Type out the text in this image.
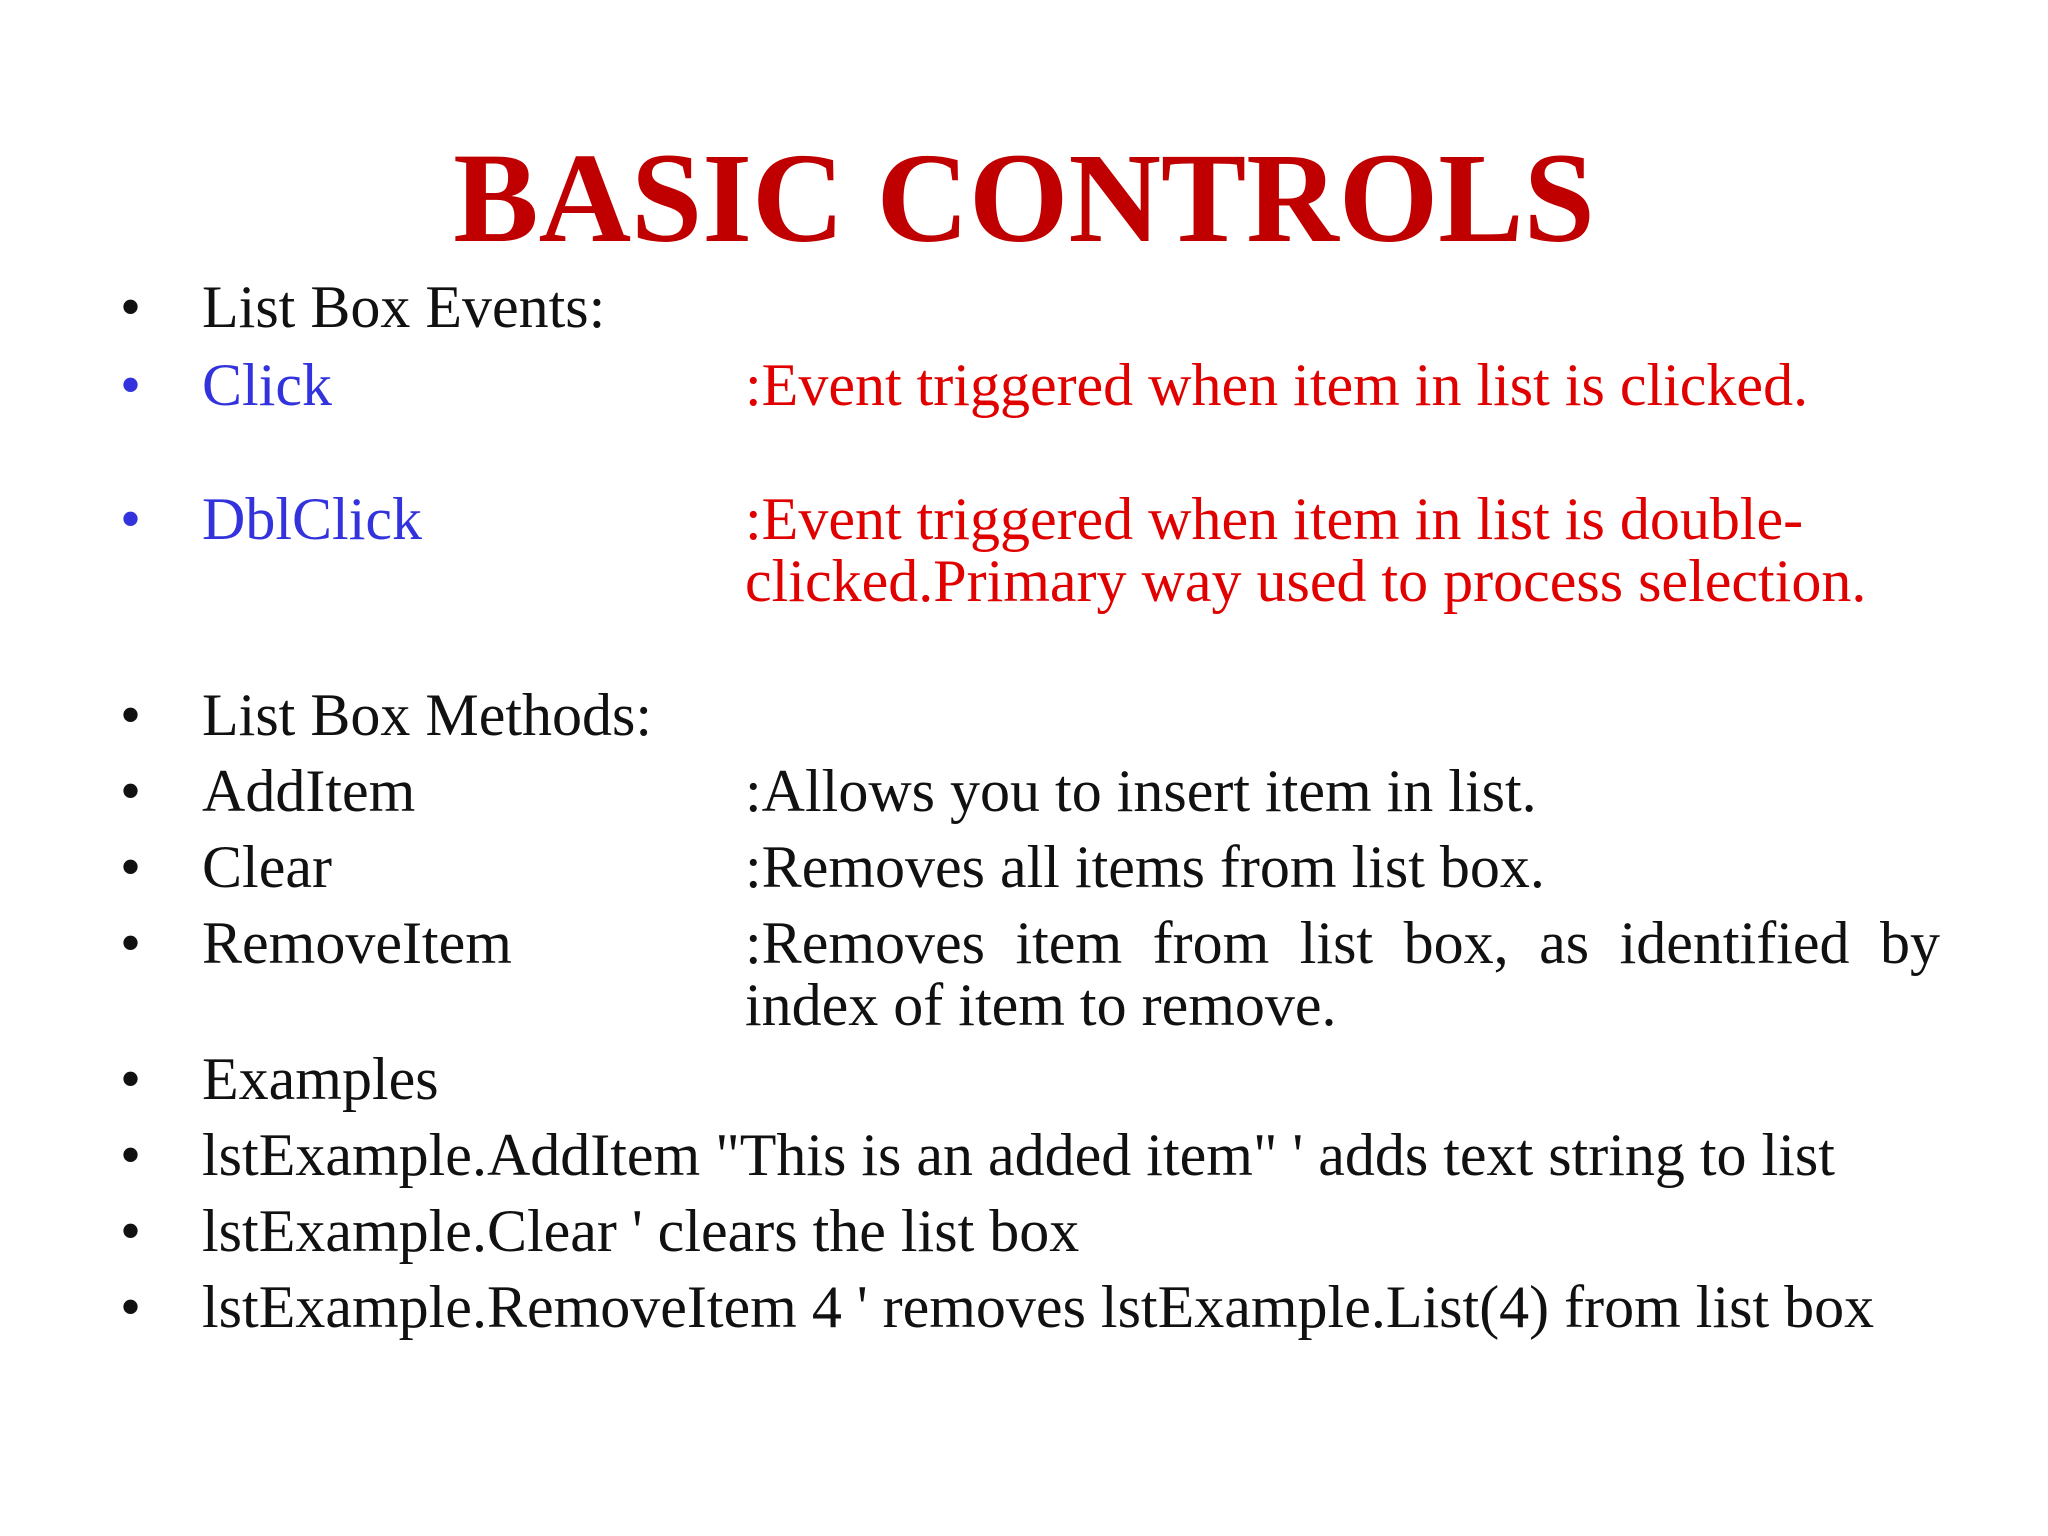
BASIC CONTROLS
•	List Box Events:
•	Click	:Event triggered when item in list is clicked.
•	DblClick	:Event triggered when item in list is double-clicked.Primary way used to process selection.
•	List Box Methods:
•	AddItem	:Allows you to insert item in list.
•	Clear	:Removes all items from list box.
•	RemoveItem	:Removes item from list box, as identified by index of item to remove.
•	Examples
•	lstExample.AddItem "This is an added item" ' adds text string to list
•	lstExample.Clear ' clears the list box
•	lstExample.RemoveItem 4 ' removes lstExample.List(4) from list box
